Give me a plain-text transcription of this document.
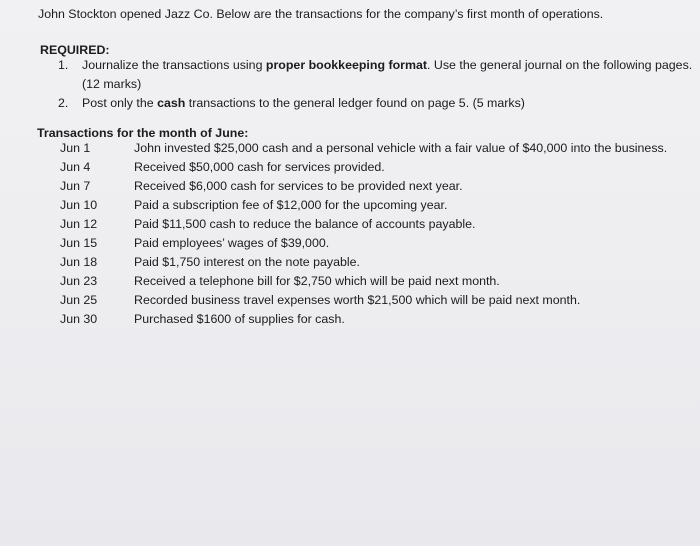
John Stockton opened Jazz Co. Below are the transactions for the company’s first month of operations.
REQUIRED:
1. Journalize the transactions using proper bookkeeping format. Use the general journal on the following pages.
(12 marks)
2. Post only the cash transactions to the general ledger found on page 5. (5 marks)
Transactions for the month of June:
Jun 1	John invested $25,000 cash and a personal vehicle with a fair value of $40,000 into the business.
Jun 4	Received $50,000 cash for services provided.
Jun 7	Received $6,000 cash for services to be provided next year.
Jun 10	Paid a subscription fee of $12,000 for the upcoming year.
Jun 12	Paid $11,500 cash to reduce the balance of accounts payable.
Jun 15	Paid employees’ wages of $39,000.
Jun 18	Paid $1,750 interest on the note payable.
Jun 23	Received a telephone bill for $2,750 which will be paid next month.
Jun 25	Recorded business travel expenses worth $21,500 which will be paid next month.
Jun 30	Purchased $1600 of supplies for cash.
